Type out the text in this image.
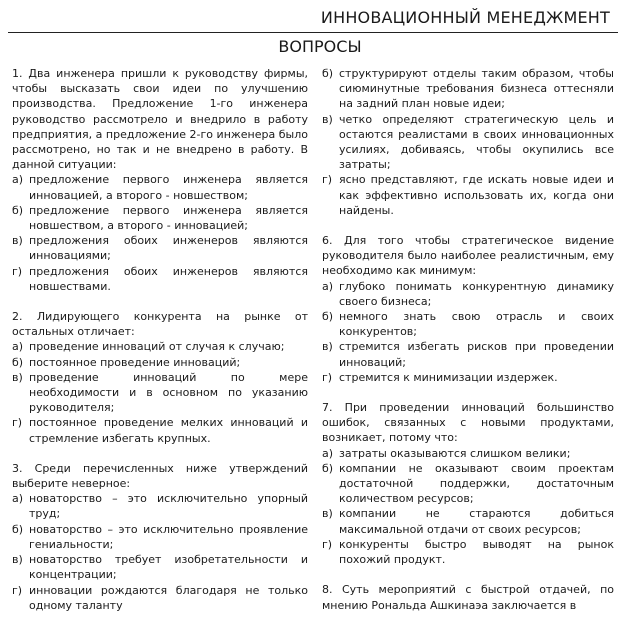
ИННОВАЦИОННЫЙ МЕНЕДЖМЕНТ
ВОПРОСЫ
1. Два инженера пришли к руководству фирмы, чтобы высказать свои идеи по улучшению производства. Предложение 1-го инженера руководство рассмотрело и внедрило в работу предприятия, а предложение 2-го инженера было рассмотрено, но так и не внедрено в работу. В данной ситуации:
а) предложение первого инженера является инновацией, а второго - новшеством;
б) предложение первого инженера является новшеством, а второго - инновацией;
в) предложения обоих инженеров являются инновациями;
г) предложения обоих инженеров являются новшествами.
2. Лидирующего конкурента на рынке от остальных отличает:
а) проведение инноваций от случая к случаю;
б) постоянное проведение инноваций;
в) проведение инноваций по мере необходимости и в основном по указанию руководителя;
г) постоянное проведение мелких инноваций и стремление избегать крупных.
3. Среди перечисленных ниже утверждений выберите неверное:
а) новаторство – это исключительно упорный труд;
б) новаторство – это исключительно проявление гениальности;
в) новаторство требует изобретательности и концентрации;
г) инновации рождаются благодаря не только одному таланту
б) структурируют отделы таким образом, чтобы сиюминутные требования бизнеса оттесняли на задний план новые идеи;
в) четко определяют стратегическую цель и остаются реалистами в своих инновационных усилиях, добиваясь, чтобы окупились все затраты;
г) ясно представляют, где искать новые идеи и как эффективно использовать их, когда они найдены.
6. Для того чтобы стратегическое видение руководителя было наиболее реалистичным, ему необходимо как минимум:
а) глубоко понимать конкурентную динамику своего бизнеса;
б) немного знать свою отрасль и своих конкурентов;
в) стремится избегать рисков при проведении инноваций;
г) стремится к минимизации издержек.
7. При проведении инноваций большинство ошибок, связанных с новыми продуктами, возникает, потому что:
а) затраты оказываются слишком велики;
б) компании не оказывают своим проектам достаточной поддержки, достаточным количеством ресурсов;
в) компании не стараются добиться максимальной отдачи от своих ресурсов;
г) конкуренты быстро выводят на рынок похожий продукт.
8. Суть мероприятий с быстрой отдачей, по мнению Рональда Ашкинаэа заключается в
